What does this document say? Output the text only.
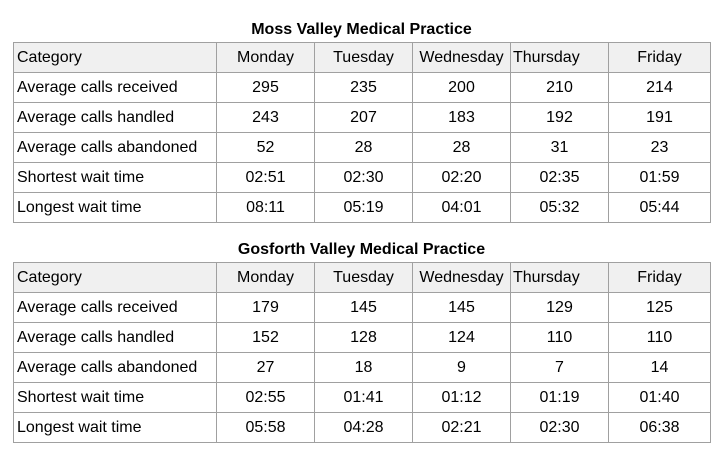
Moss Valley Medical Practice
Category	Monday	Tuesday	Wednesday	Thursday	Friday
Average calls received	295	235	200	210	214
Average calls handled	243	207	183	192	191
Average calls abandoned	52	28	28	31	23
Shortest wait time	02:51	02:30	02:20	02:35	01:59
Longest wait time	08:11	05:19	04:01	05:32	05:44
Gosforth Valley Medical Practice
Category	Monday	Tuesday	Wednesday	Thursday	Friday
Average calls received	179	145	145	129	125
Average calls handled	152	128	124	110	110
Average calls abandoned	27	18	9	7	14
Shortest wait time	02:55	01:41	01:12	01:19	01:40
Longest wait time	05:58	04:28	02:21	02:30	06:38
